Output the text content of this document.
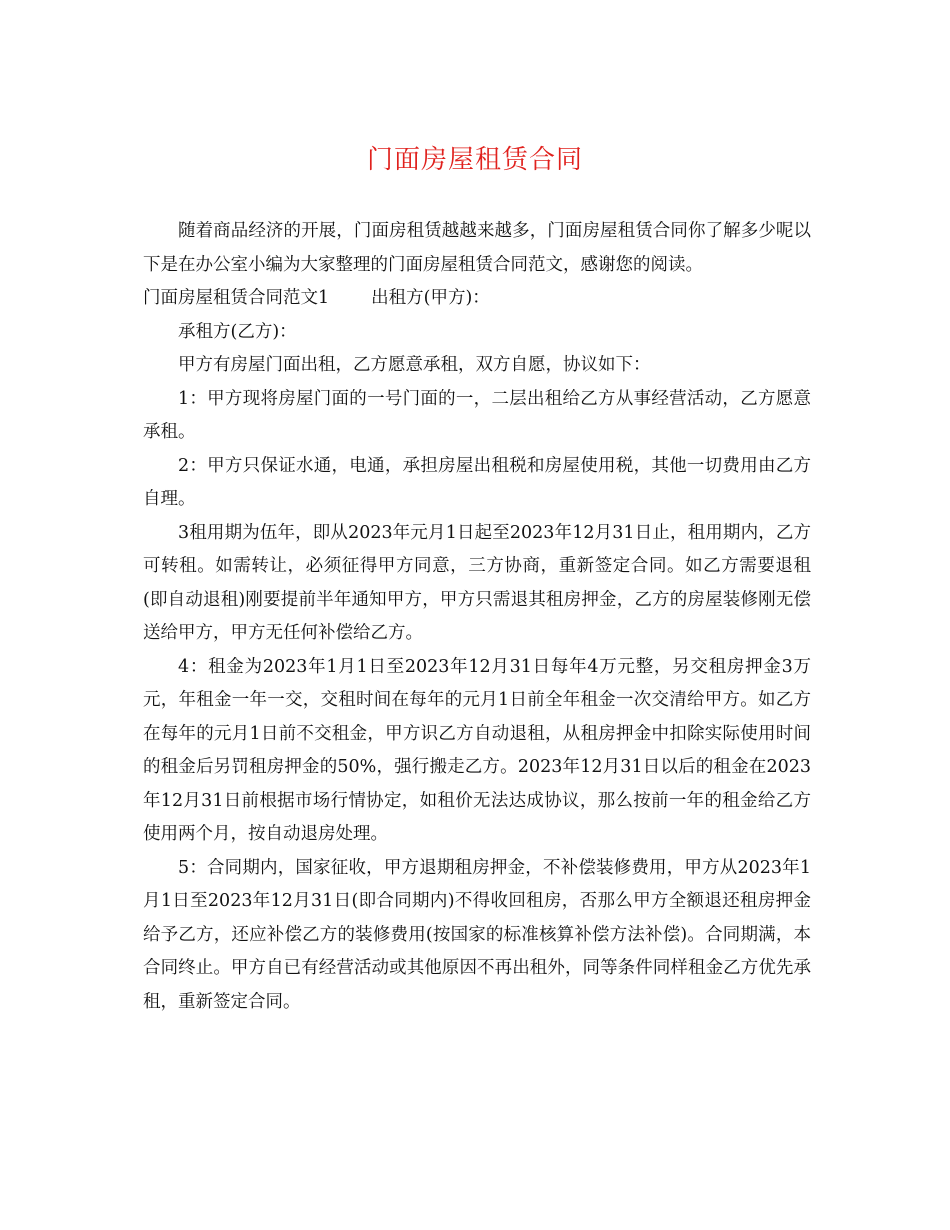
门面房屋租赁合同

随着商品经济的开展，门面房租赁越越来越多，门面房屋租赁合同你了解多少呢以下是在办公室小编为大家整理的门面房屋租赁合同范文，感谢您的阅读。

门面房屋租赁合同范文1 出租方(甲方)：

承租方(乙方)：

甲方有房屋门面出租，乙方愿意承租，双方自愿，协议如下：

1：甲方现将房屋门面的一号门面的一，二层出租给乙方从事经营活动，乙方愿意承租。

2：甲方只保证水通，电通，承担房屋出租税和房屋使用税，其他一切费用由乙方自理。

3租用期为伍年，即从2023年元月1日起至2023年12月31日止，租用期内，乙方可转租。如需转让，必须征得甲方同意，三方协商，重新签定合同。如乙方需要退租(即自动退租)刚要提前半年通知甲方，甲方只需退其租房押金，乙方的房屋装修刚无偿送给甲方，甲方无任何补偿给乙方。

4：租金为2023年1月1日至2023年12月31日每年4万元整，另交租房押金3万元，年租金一年一交，交租时间在每年的元月1日前全年租金一次交清给甲方。如乙方在每年的元月1日前不交租金，甲方识乙方自动退租，从租房押金中扣除实际使用时间的租金后另罚租房押金的50%，强行搬走乙方。2023年12月31日以后的租金在2023年12月31日前根据市场行情协定，如租价无法达成协议，那么按前一年的租金给乙方使用两个月，按自动退房处理。

5：合同期内，国家征收，甲方退期租房押金，不补偿装修费用，甲方从2023年1月1日至2023年12月31日(即合同期内)不得收回租房，否那么甲方全额退还租房押金给予乙方，还应补偿乙方的装修费用(按国家的标准核算补偿方法补偿)。合同期满，本合同终止。甲方自已有经营活动或其他原因不再出租外，同等条件同样租金乙方优先承租，重新签定合同。
